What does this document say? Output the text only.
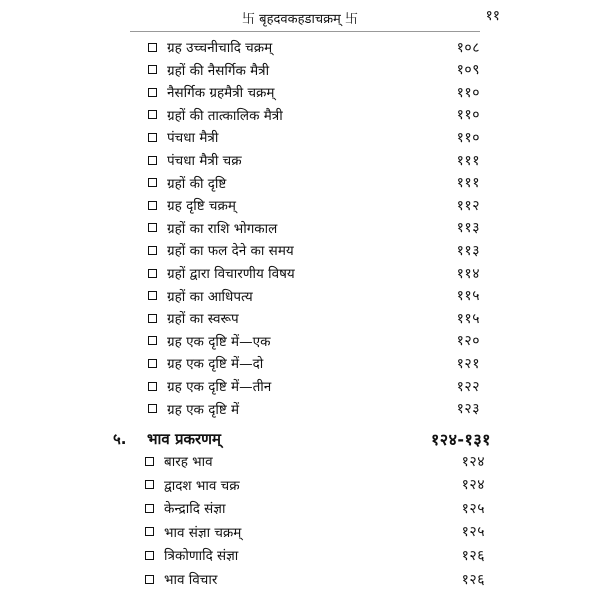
卐 बृहदवकहडाचक्रम् 卐	११
ग्रह उच्चनीचादि चक्रम्	१०८
ग्रहों की नैसर्गिक मैत्री	१०९
नैसर्गिक ग्रहमैत्री चक्रम्	११०
ग्रहों की तात्कालिक मैत्री	११०
पंचधा मैत्री	११०
पंचधा मैत्री चक्र	१११
ग्रहों की दृष्टि	१११
ग्रह दृष्टि चक्रम्	११२
ग्रहों का राशि भोगकाल	११३
ग्रहों का फल देने का समय	११३
ग्रहों द्वारा विचारणीय विषय	११४
ग्रहों का आधिपत्य	११५
ग्रहों का स्वरूप	११५
ग्रह एक दृष्टि में—एक	१२०
ग्रह एक दृष्टि में—दो	१२१
ग्रह एक दृष्टि में—तीन	१२२
ग्रह एक दृष्टि में	१२३
५.	भाव प्रकरणम्	१२४-१३१
बारह भाव	१२४
द्वादश भाव चक्र	१२४
केन्द्रादि संज्ञा	१२५
भाव संज्ञा चक्रम्	१२५
त्रिकोणादि संज्ञा	१२६
भाव विचार	१२६
